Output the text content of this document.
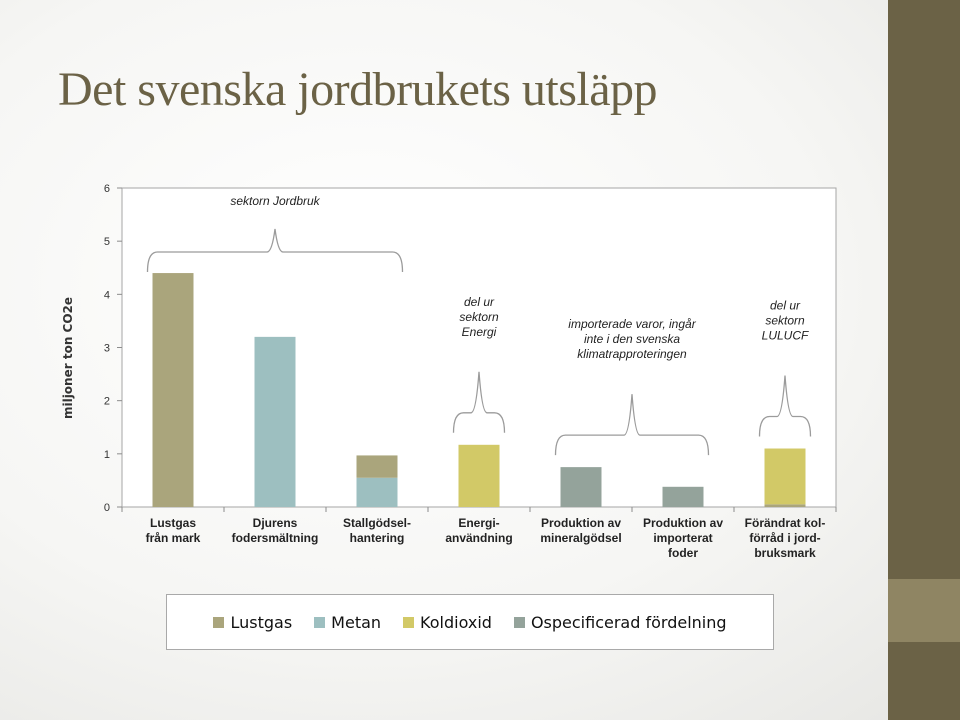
Det svenska jordbrukets utsläpp
miljoner ton CO2e
0
1
2
3
4
5
6
Lustgas från mark
Djurens fodersmältning
Stallgödsel-hantering
Energi-användning
Produktion av mineralgödsel
Produktion av importerat foder
Förändrat kol-förråd i jord-bruksmark
sektorn Jordbruk
del ur sektorn Energi
importerade varor, ingår inte i den svenska klimatrapproteringen
del ur sektorn LULUCF
Lustgas Metan Koldioxid Ospecificerad fördelning
